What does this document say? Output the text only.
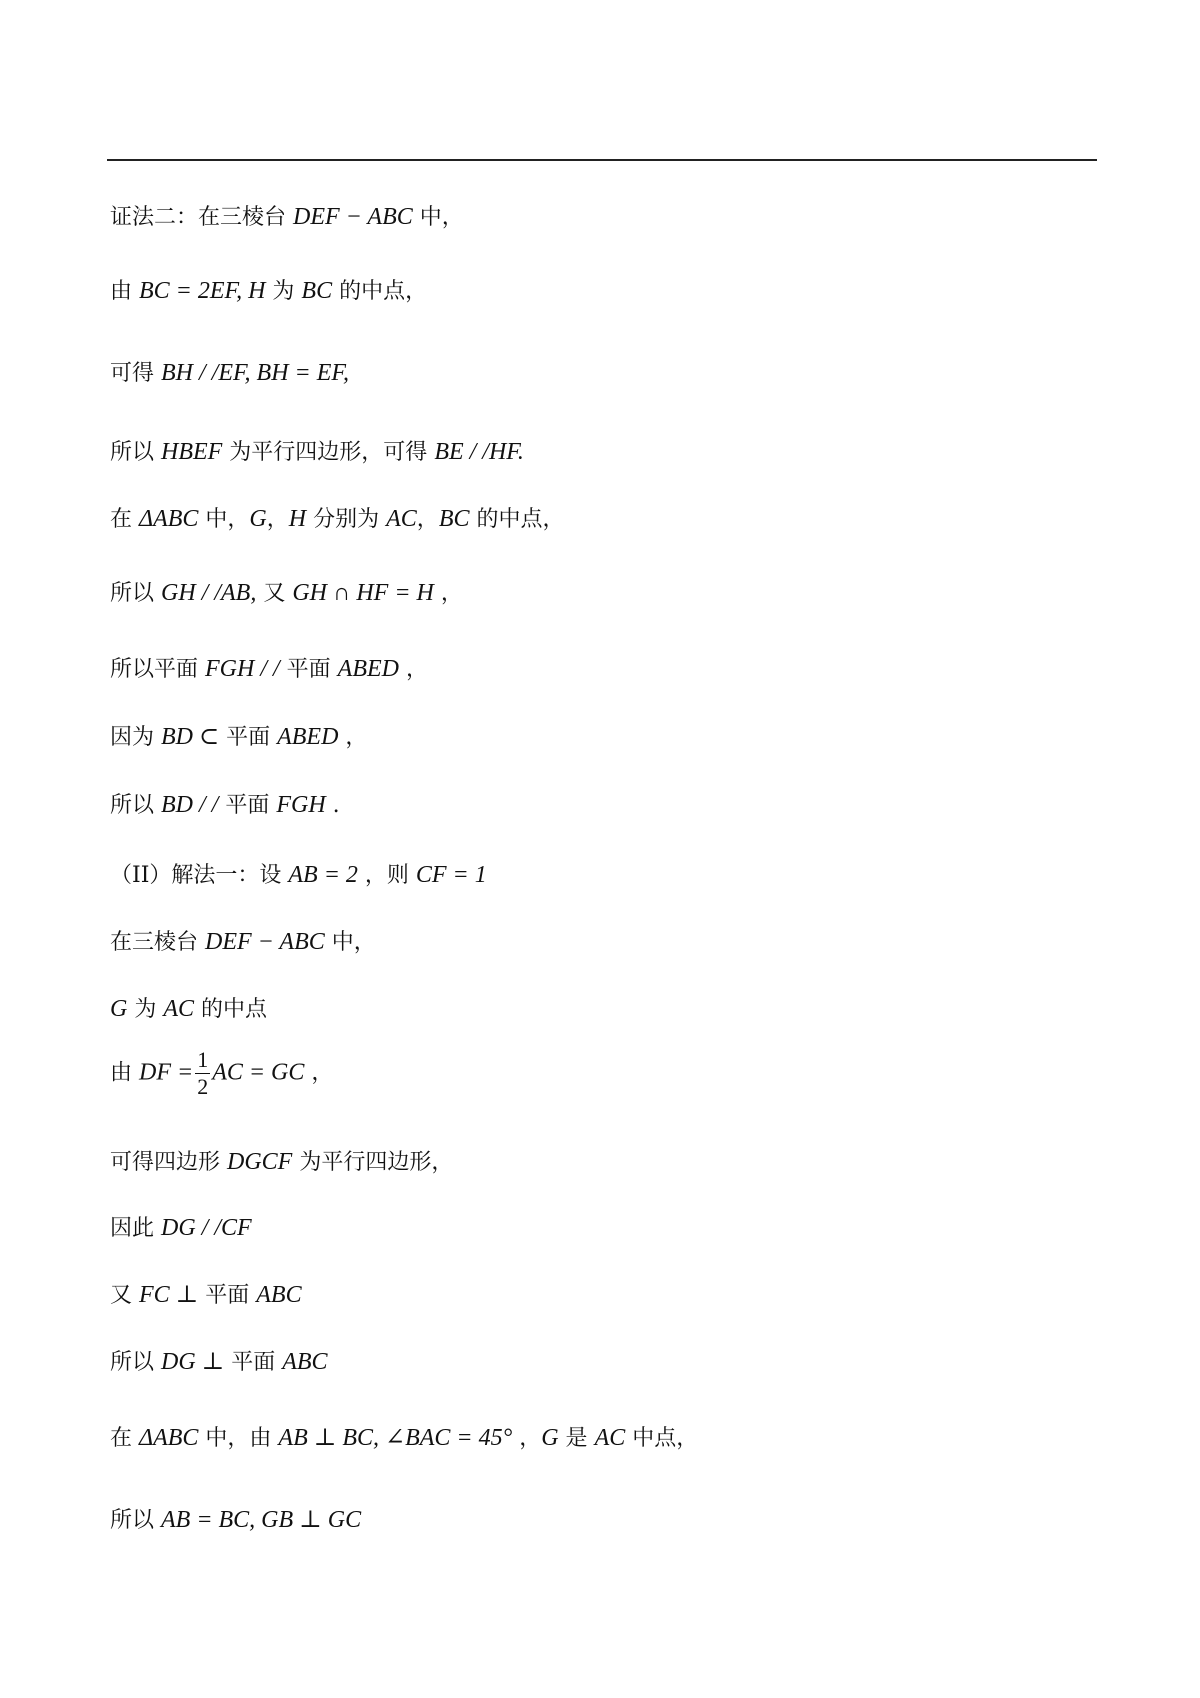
证法二：在三棱台 DEF − ABC 中，
由 BC = 2EF, H 为 BC 的中点，
可得 BH / /EF, BH = EF,
所以 HBEF 为平行四边形，可得 BE / /HF.
在 ΔABC 中，G，H 分别为 AC，BC 的中点，
所以 GH / /AB, 又 GH ∩ HF = H ，
所以平面 FGH / / 平面 ABED ，
因为 BD ⊂ 平面 ABED ，
所以 BD / / 平面 FGH .
（II）解法一：设 AB = 2 ，则 CF = 1
在三棱台 DEF − ABC 中，
G 为 AC 的中点
由 DF = $\frac{1}{2}$ AC = GC ，
可得四边形 DGCF 为平行四边形，
因此 DG / /CF
又 FC ⊥ 平面 ABC
所以 DG ⊥ 平面 ABC
在 ΔABC 中，由 AB ⊥ BC, ∠BAC = 45° ，G 是 AC 中点，
所以 AB = BC, GB ⊥ GC
